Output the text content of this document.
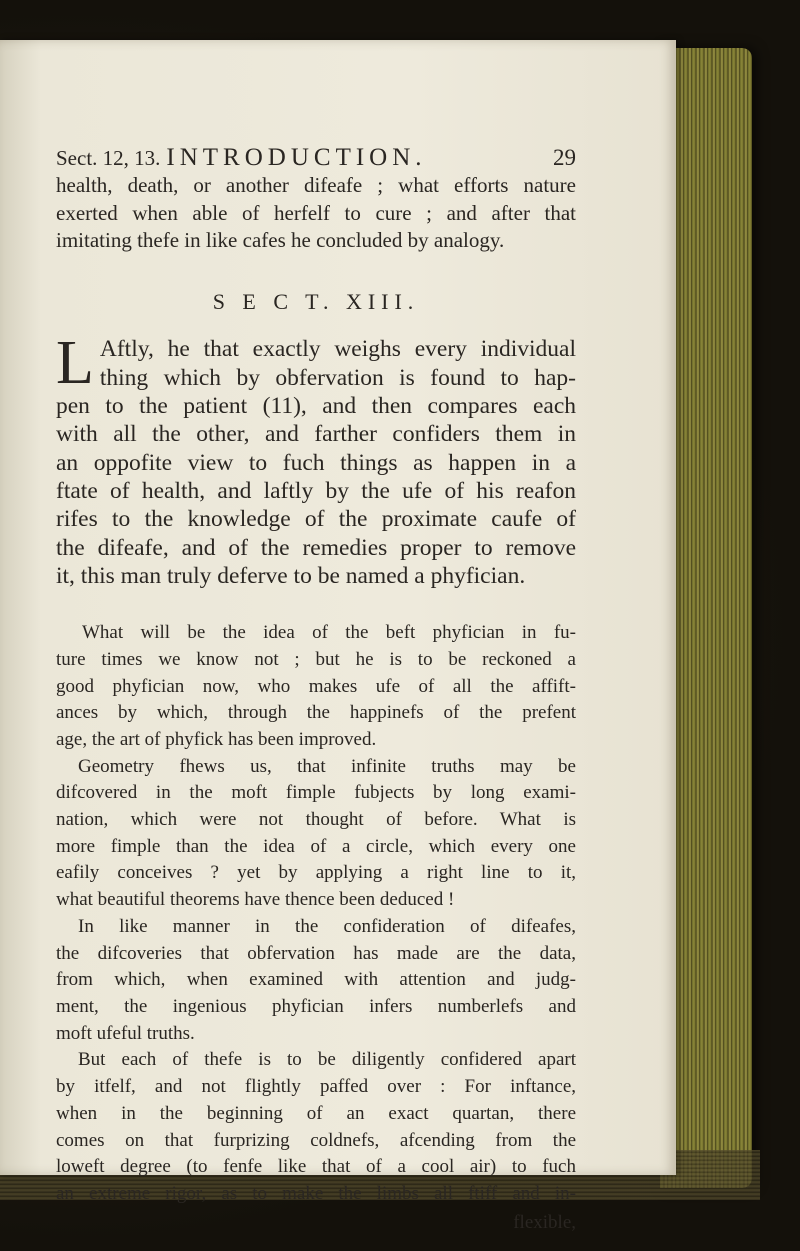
Sect. 12, 13. INTRODUCTION.	29
health, death, or another difeafe ; what efforts nature
exerted when able of herfelf to cure ; and after that
imitating thefe in like cafes he concluded by analogy.
S E C T. XIII.
L Aftly, he that exactly weighs every individual
thing which by obfervation is found to hap-
pen to the patient (11), and then compares each
with all the other, and farther confiders them in
an oppofite view to fuch things as happen in a
ftate of health, and laftly by the ufe of his reafon
rifes to the knowledge of the proximate caufe of
the difeafe, and of the remedies proper to remove
it, this man truly deferve to be named a phyfician.
What will be the idea of the beft phyfician in fu-
ture times we know not ; but he is to be reckoned a
good phyfician now, who makes ufe of all the affift-
ances by which, through the happinefs of the prefent
age, the art of phyfick has been improved.
Geometry fhews us, that infinite truths may be
difcovered in the moft fimple fubjects by long exami-
nation, which were not thought of before. What is
more fimple than the idea of a circle, which every one
eafily conceives ? yet by applying a right line to it,
what beautiful theorems have thence been deduced !
In like manner in the confideration of difeafes,
the difcoveries that obfervation has made are the data,
from which, when examined with attention and judg-
ment, the ingenious phyfician infers numberlefs and
moft ufeful truths.
But each of thefe is to be diligently confidered apart
by itfelf, and not flightly paffed over : For inftance,
when in the beginning of an exact quartan, there
comes on that furprizing coldnefs, afcending from the
loweft degree (to fenfe like that of a cool air) to fuch
an extreme rigor, as to make the limbs all ftiff and in-
flexible,
